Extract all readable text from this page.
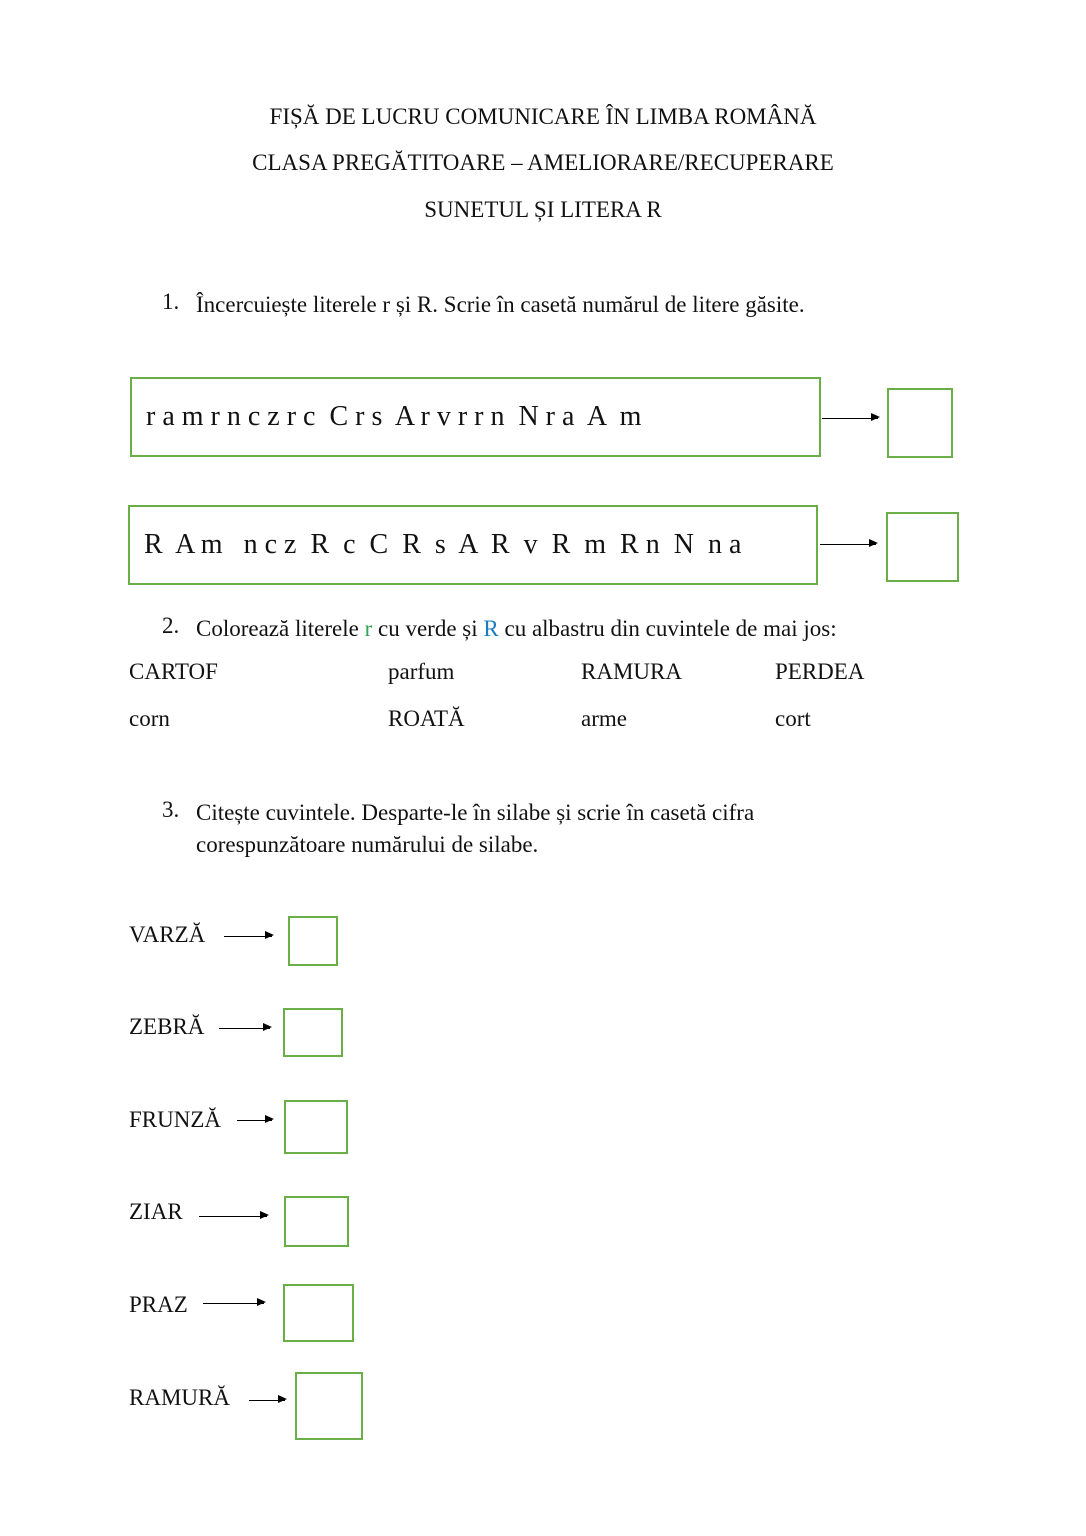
FIȘĂ DE LUCRU COMUNICARE ÎN LIMBA ROMÂNĂ
CLASA PREGĂTITOARE – AMELIORARE/RECUPERARE
SUNETUL ȘI LITERA R
1. Încercuiește literele r și R. Scrie în casetă numărul de litere găsite.
r a m r n c z r c  C r s  A r v r r n  N r a  A  m
R  A m   n c z  R  c  C  R  s  A  R  v  R  m  R n  N  n a
2. Colorează literele r cu verde și R cu albastru din cuvintele de mai jos:
CARTOF	parfum	RAMURA	PERDEA
corn	ROATĂ	arme	cort
3. Citește cuvintele. Desparte-le în silabe și scrie în casetă cifra
corespunzătoare numărului de silabe.
VARZĂ
ZEBRĂ
FRUNZĂ
ZIAR
PRAZ
RAMURĂ
